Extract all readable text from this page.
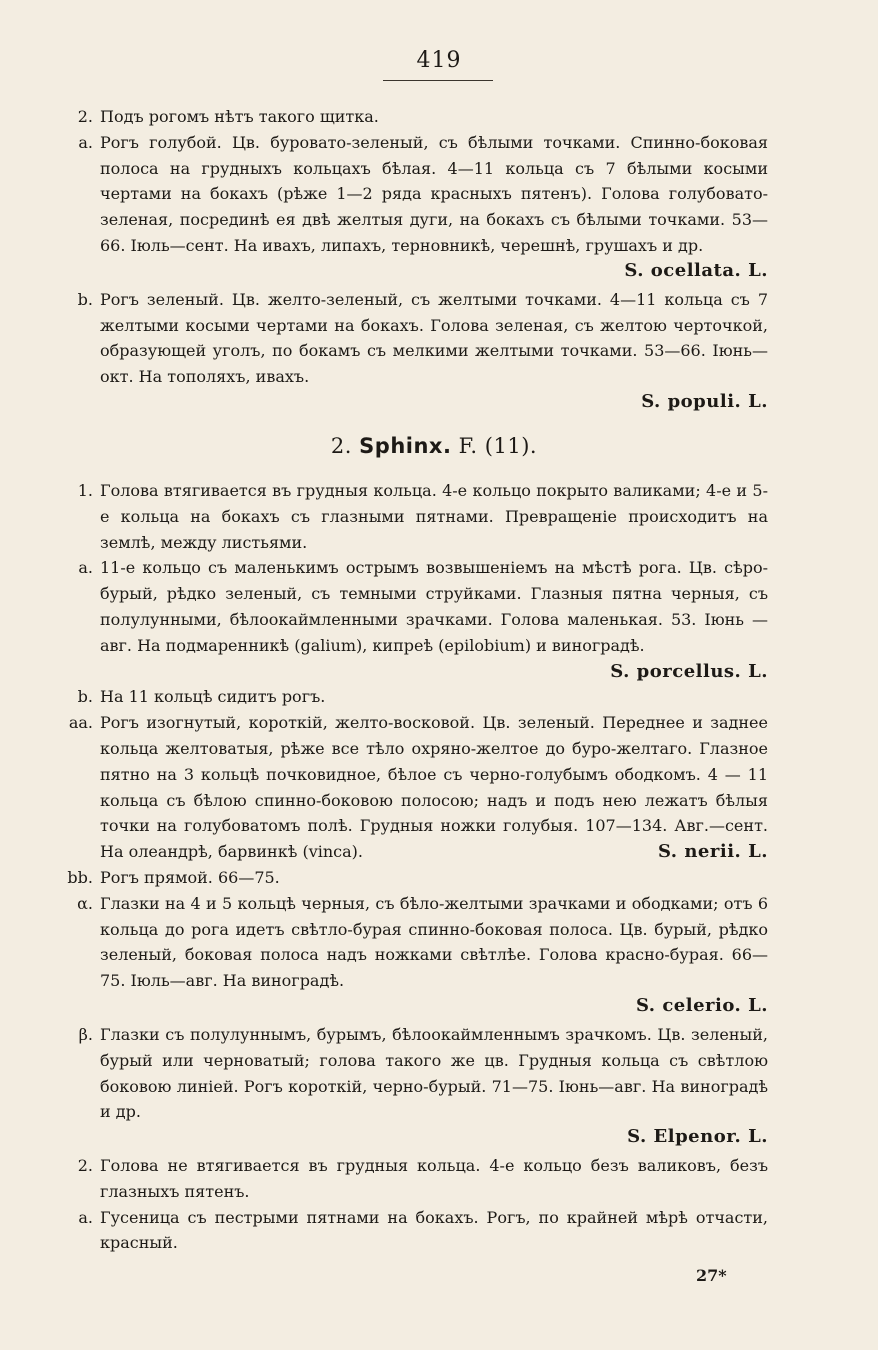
419
2. Подъ рогомъ нѣтъ такого щитка.
a. Рогъ голубой. Цв. буровато-зеленый, съ бѣлыми точками. Спинно-боковая полоса на грудныхъ кольцахъ бѣлая. 4—11 кольца съ 7 бѣлыми косыми чертами на бокахъ (рѣже 1—2 ряда красныхъ пятенъ). Голова голубовато-зеленая, посрединѣ ея двѣ желтыя дуги, на бокахъ съ бѣлыми точками. 53—66. Іюль—сент. На ивахъ, липахъ, терновникѣ, черешнѣ, грушахъ и др.
S. ocellata. L.
b. Рогъ зеленый. Цв. желто-зеленый, съ желтыми точками. 4—11 кольца съ 7 желтыми косыми чертами на бокахъ. Голова зеленая, съ желтою черточкой, образующей уголъ, по бокамъ съ мелкими желтыми точками. 53—66. Іюнь—окт. На тополяхъ, ивахъ.
S. populi. L.
2. Sphinx. F. (11).
1. Голова втягивается въ грудныя кольца. 4-е кольцо покрыто валиками; 4-е и 5-е кольца на бокахъ съ глазными пятнами. Превращеніе происходитъ на землѣ, между листьями.
a. 11-е кольцо съ маленькимъ острымъ возвышеніемъ на мѣстѣ рога. Цв. сѣро-бурый, рѣдко зеленый, съ темными струйками. Глазныя пятна черныя, съ полулунными, бѣлоокаймленными зрачками. Голова маленькая. 53. Іюнь — авг. На подмаренникѣ (galium), кипреѣ (epilobium) и виноградѣ.
S. porcellus. L.
b. На 11 кольцѣ сидитъ рогъ.
aa. Рогъ изогнутый, короткій, желто-восковой. Цв. зеленый. Переднее и заднее кольца желтоватыя, рѣже все тѣло охряно-желтое до буро-желтаго. Глазное пятно на 3 кольцѣ почковидное, бѣлое съ черно-голубымъ ободкомъ. 4 — 11 кольца съ бѣлою спинно-боковою полосою; надъ и подъ нею лежатъ бѣлыя точки на голубоватомъ полѣ. Грудныя ножки голубыя. 107—134. Авг.—сент. На олеандрѣ, барвинкѣ (vinca).	S. nerii. L.
bb. Рогъ прямой. 66—75.
α. Глазки на 4 и 5 кольцѣ черныя, съ бѣло-желтыми зрачками и ободками; отъ 6 кольца до рога идетъ свѣтло-бурая спинно-боковая полоса. Цв. бурый, рѣдко зеленый, боковая полоса надъ ножками свѣтлѣе. Голова красно-бурая. 66—75. Іюль—авг. На виноградѣ.
S. celerio. L.
β. Глазки съ полулуннымъ, бурымъ, бѣлоокаймленнымъ зрачкомъ. Цв. зеленый, бурый или черноватый; голова такого же цв. Грудныя кольца съ свѣтлою боковою линіей. Рогъ короткій, черно-бурый. 71—75. Іюнь—авг. На виноградѣ и др.
S. Elpenor. L.
2. Голова не втягивается въ грудныя кольца. 4-е кольцо безъ валиковъ, безъ глазныхъ пятенъ.
a. Гусеница съ пестрыми пятнами на бокахъ. Рогъ, по крайней мѣрѣ отчасти, красный.
27*
